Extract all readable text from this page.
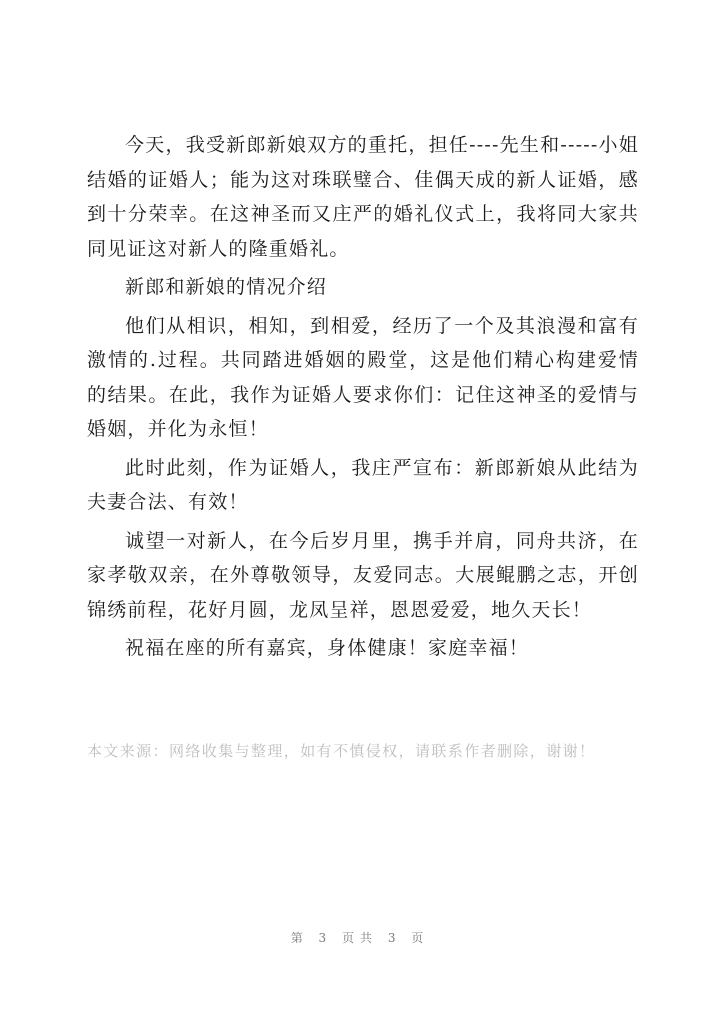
今天，我受新郎新娘双方的重托，担任----先生和-----小姐结婚的证婚人；能为这对珠联璧合、佳偶天成的新人证婚，感到十分荣幸。在这神圣而又庄严的婚礼仪式上，我将同大家共同见证这对新人的隆重婚礼。

新郎和新娘的情况介绍

他们从相识，相知，到相爱，经历了一个及其浪漫和富有激情的.过程。共同踏进婚姻的殿堂，这是他们精心构建爱情的结果。在此，我作为证婚人要求你们：记住这神圣的爱情与婚姻，并化为永恒！

此时此刻，作为证婚人，我庄严宣布：新郎新娘从此结为夫妻合法、有效！

诚望一对新人，在今后岁月里，携手并肩，同舟共济，在家孝敬双亲，在外尊敬领导，友爱同志。大展鲲鹏之志，开创锦绣前程，花好月圆，龙凤呈祥，恩恩爱爱，地久天长！

祝福在座的所有嘉宾，身体健康！家庭幸福！

本文来源：网络收集与整理，如有不慎侵权，请联系作者删除，谢谢！
第 3 页共 3 页
